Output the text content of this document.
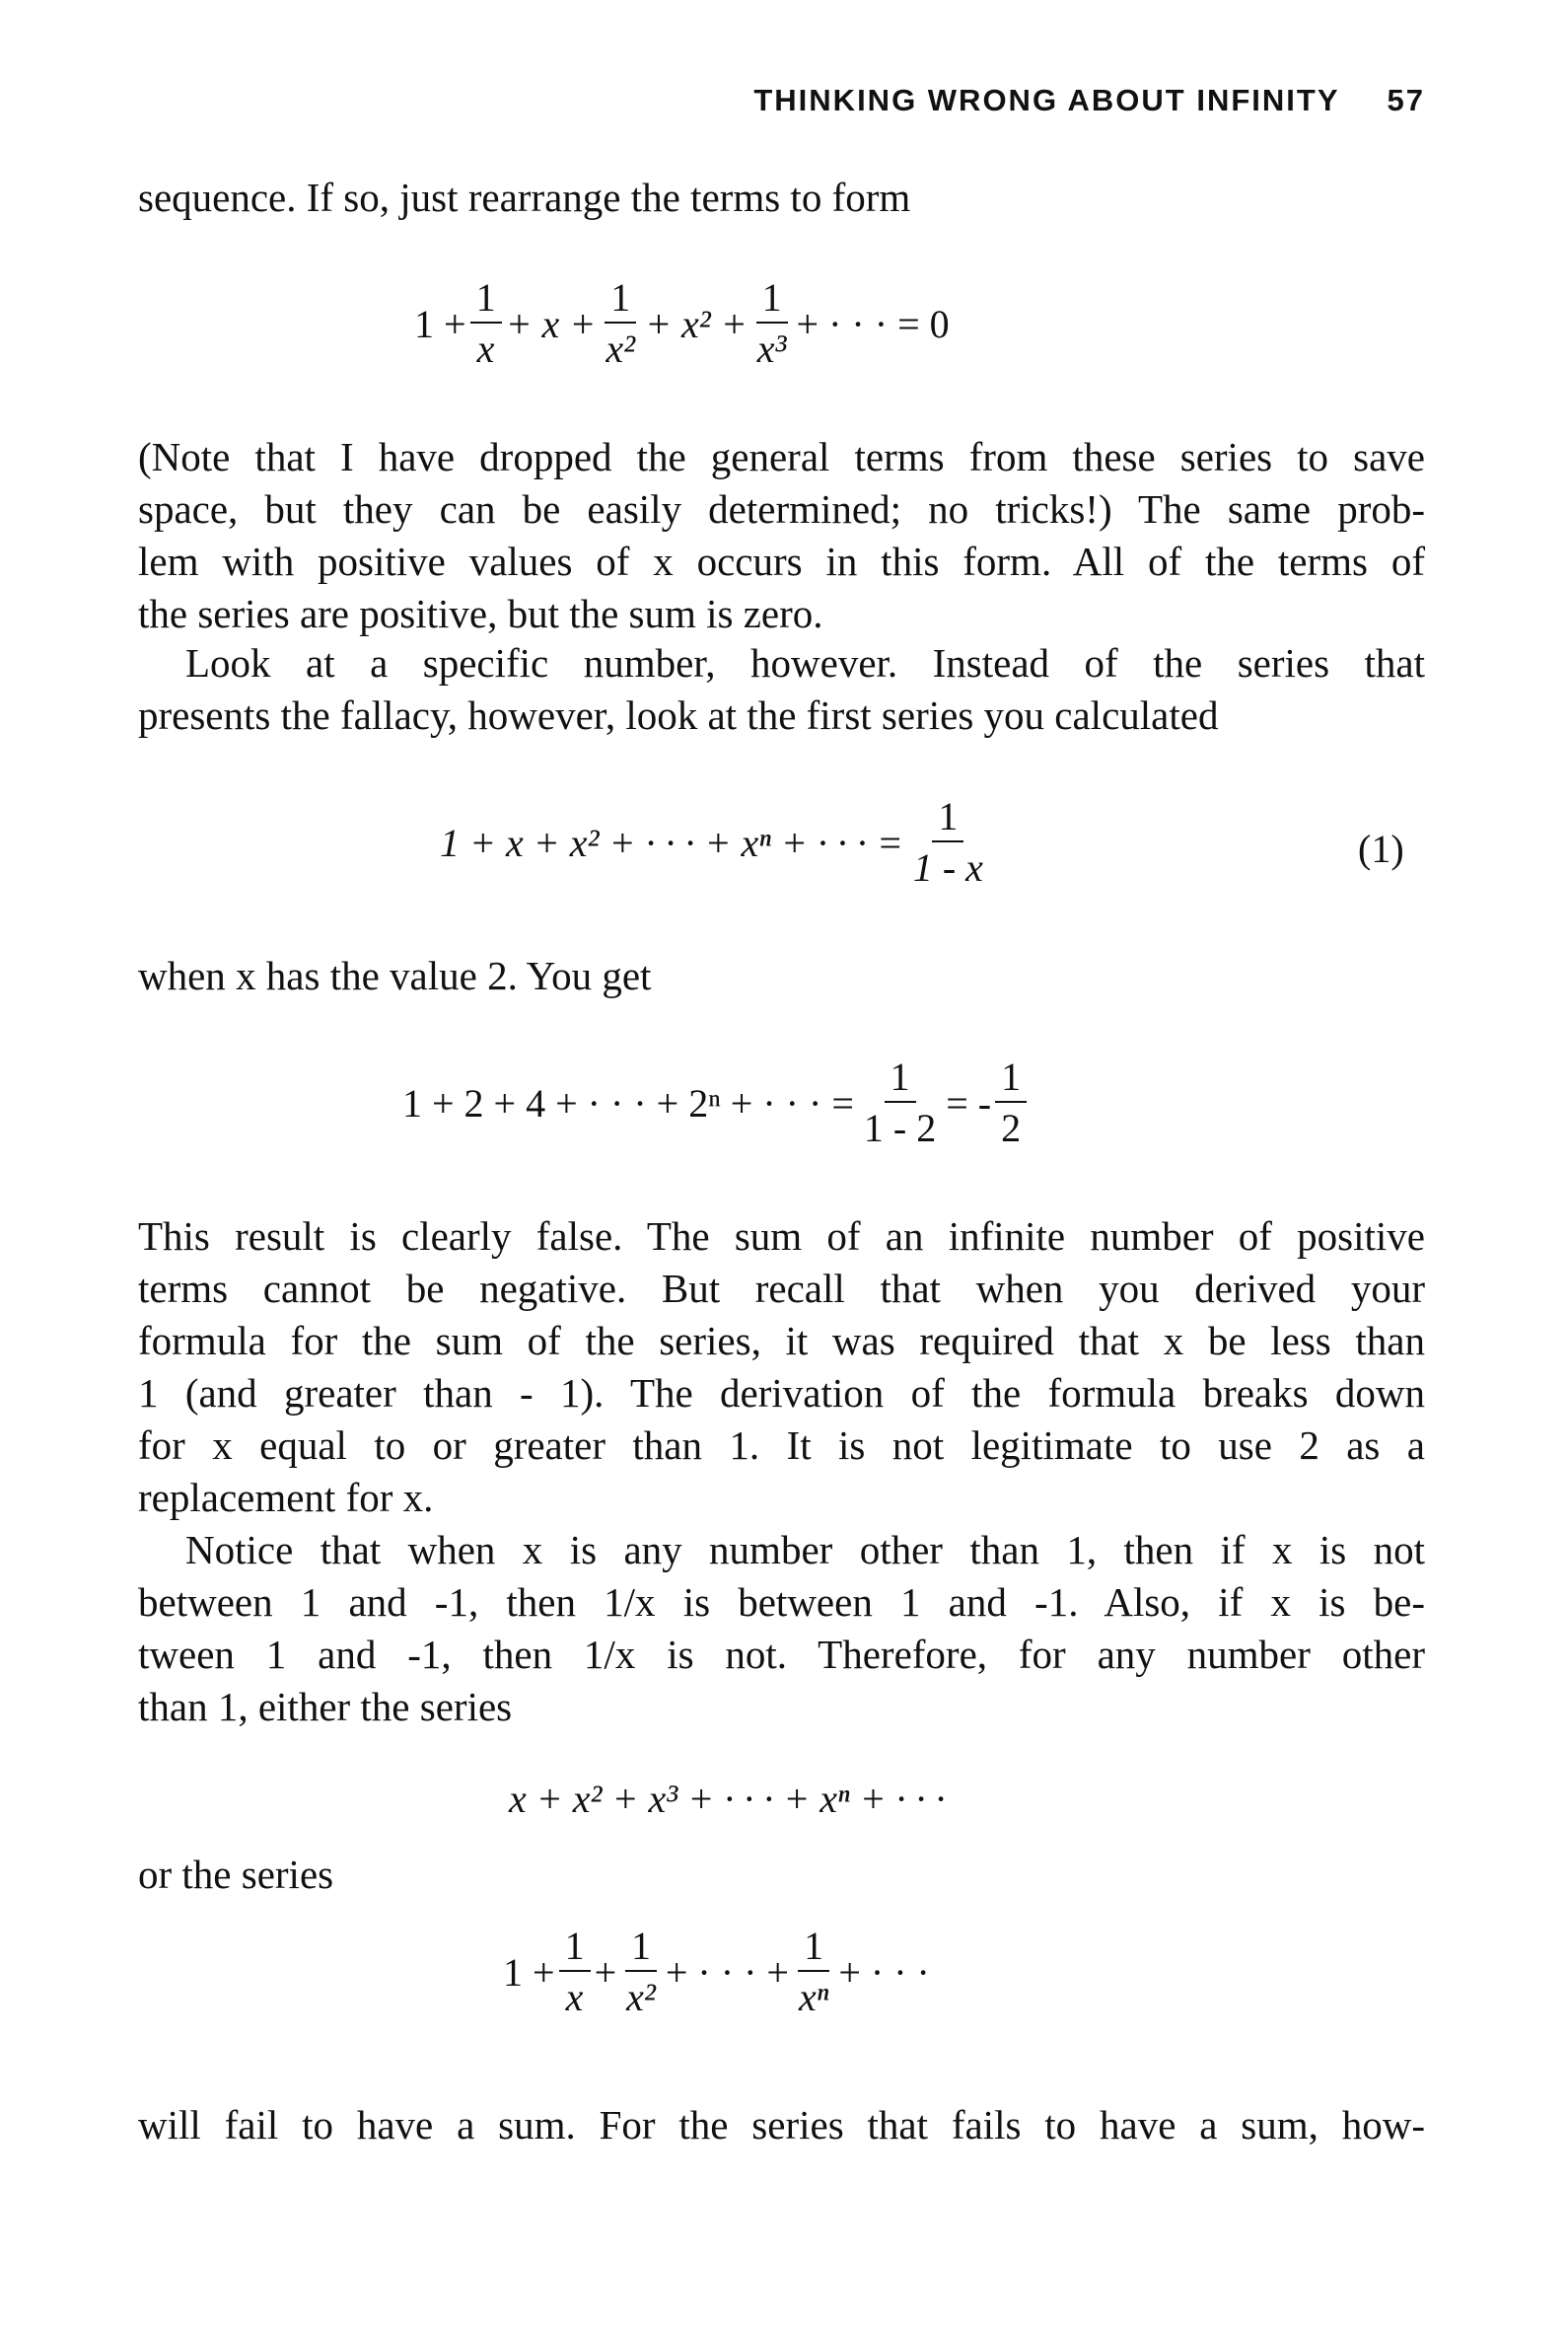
THINKING WRONG ABOUT INFINITY 57

sequence. If so, just rearrange the terms to form

$1 + \frac{1}{x} + x + \frac{1}{\text{x²}} + x^2 + \frac{1}{\text{x³}}$ + · · · = 0

(Note that I have dropped the general terms from these series to save
space, but they can be easily determined; no tricks!) The same prob-
lem with positive values of x occurs in this form. All of the terms of
the series are positive, but the sum is zero.

Look at a specific number, however. Instead of the series that
presents the fallacy, however, look at the first series you calculated

1 + x + x² + · · · + xⁿ + · · · = $\frac{1}{1 - x}$	(1)

when x has the value 2. You get

1 + 2 + 4 + · · · + 2ⁿ + · · · = $\frac{1}{1 - 2}$ = - $\frac{1}{2}$

This result is clearly false. The sum of an infinite number of positive
terms cannot be negative. But recall that when you derived your
formula for the sum of the series, it was required that x be less than
1 (and greater than - 1). The derivation of the formula breaks down
for x equal to or greater than 1. It is not legitimate to use 2 as a
replacement for x.

Notice that when x is any number other than 1, then if x is not
between 1 and -1, then 1/x is between 1 and -1. Also, if x is be-
tween 1 and -1, then 1/x is not. Therefore, for any number other
than 1, either the series

x + x² + x³ + · · · + xⁿ + · · ·

or the series

$1 + \frac{1}{x} + \frac{1}{\text{x²}}$ + · · · + $\frac{1}{\text{xⁿ}}$ + · · ·

will fail to have a sum. For the series that fails to have a sum, how-
